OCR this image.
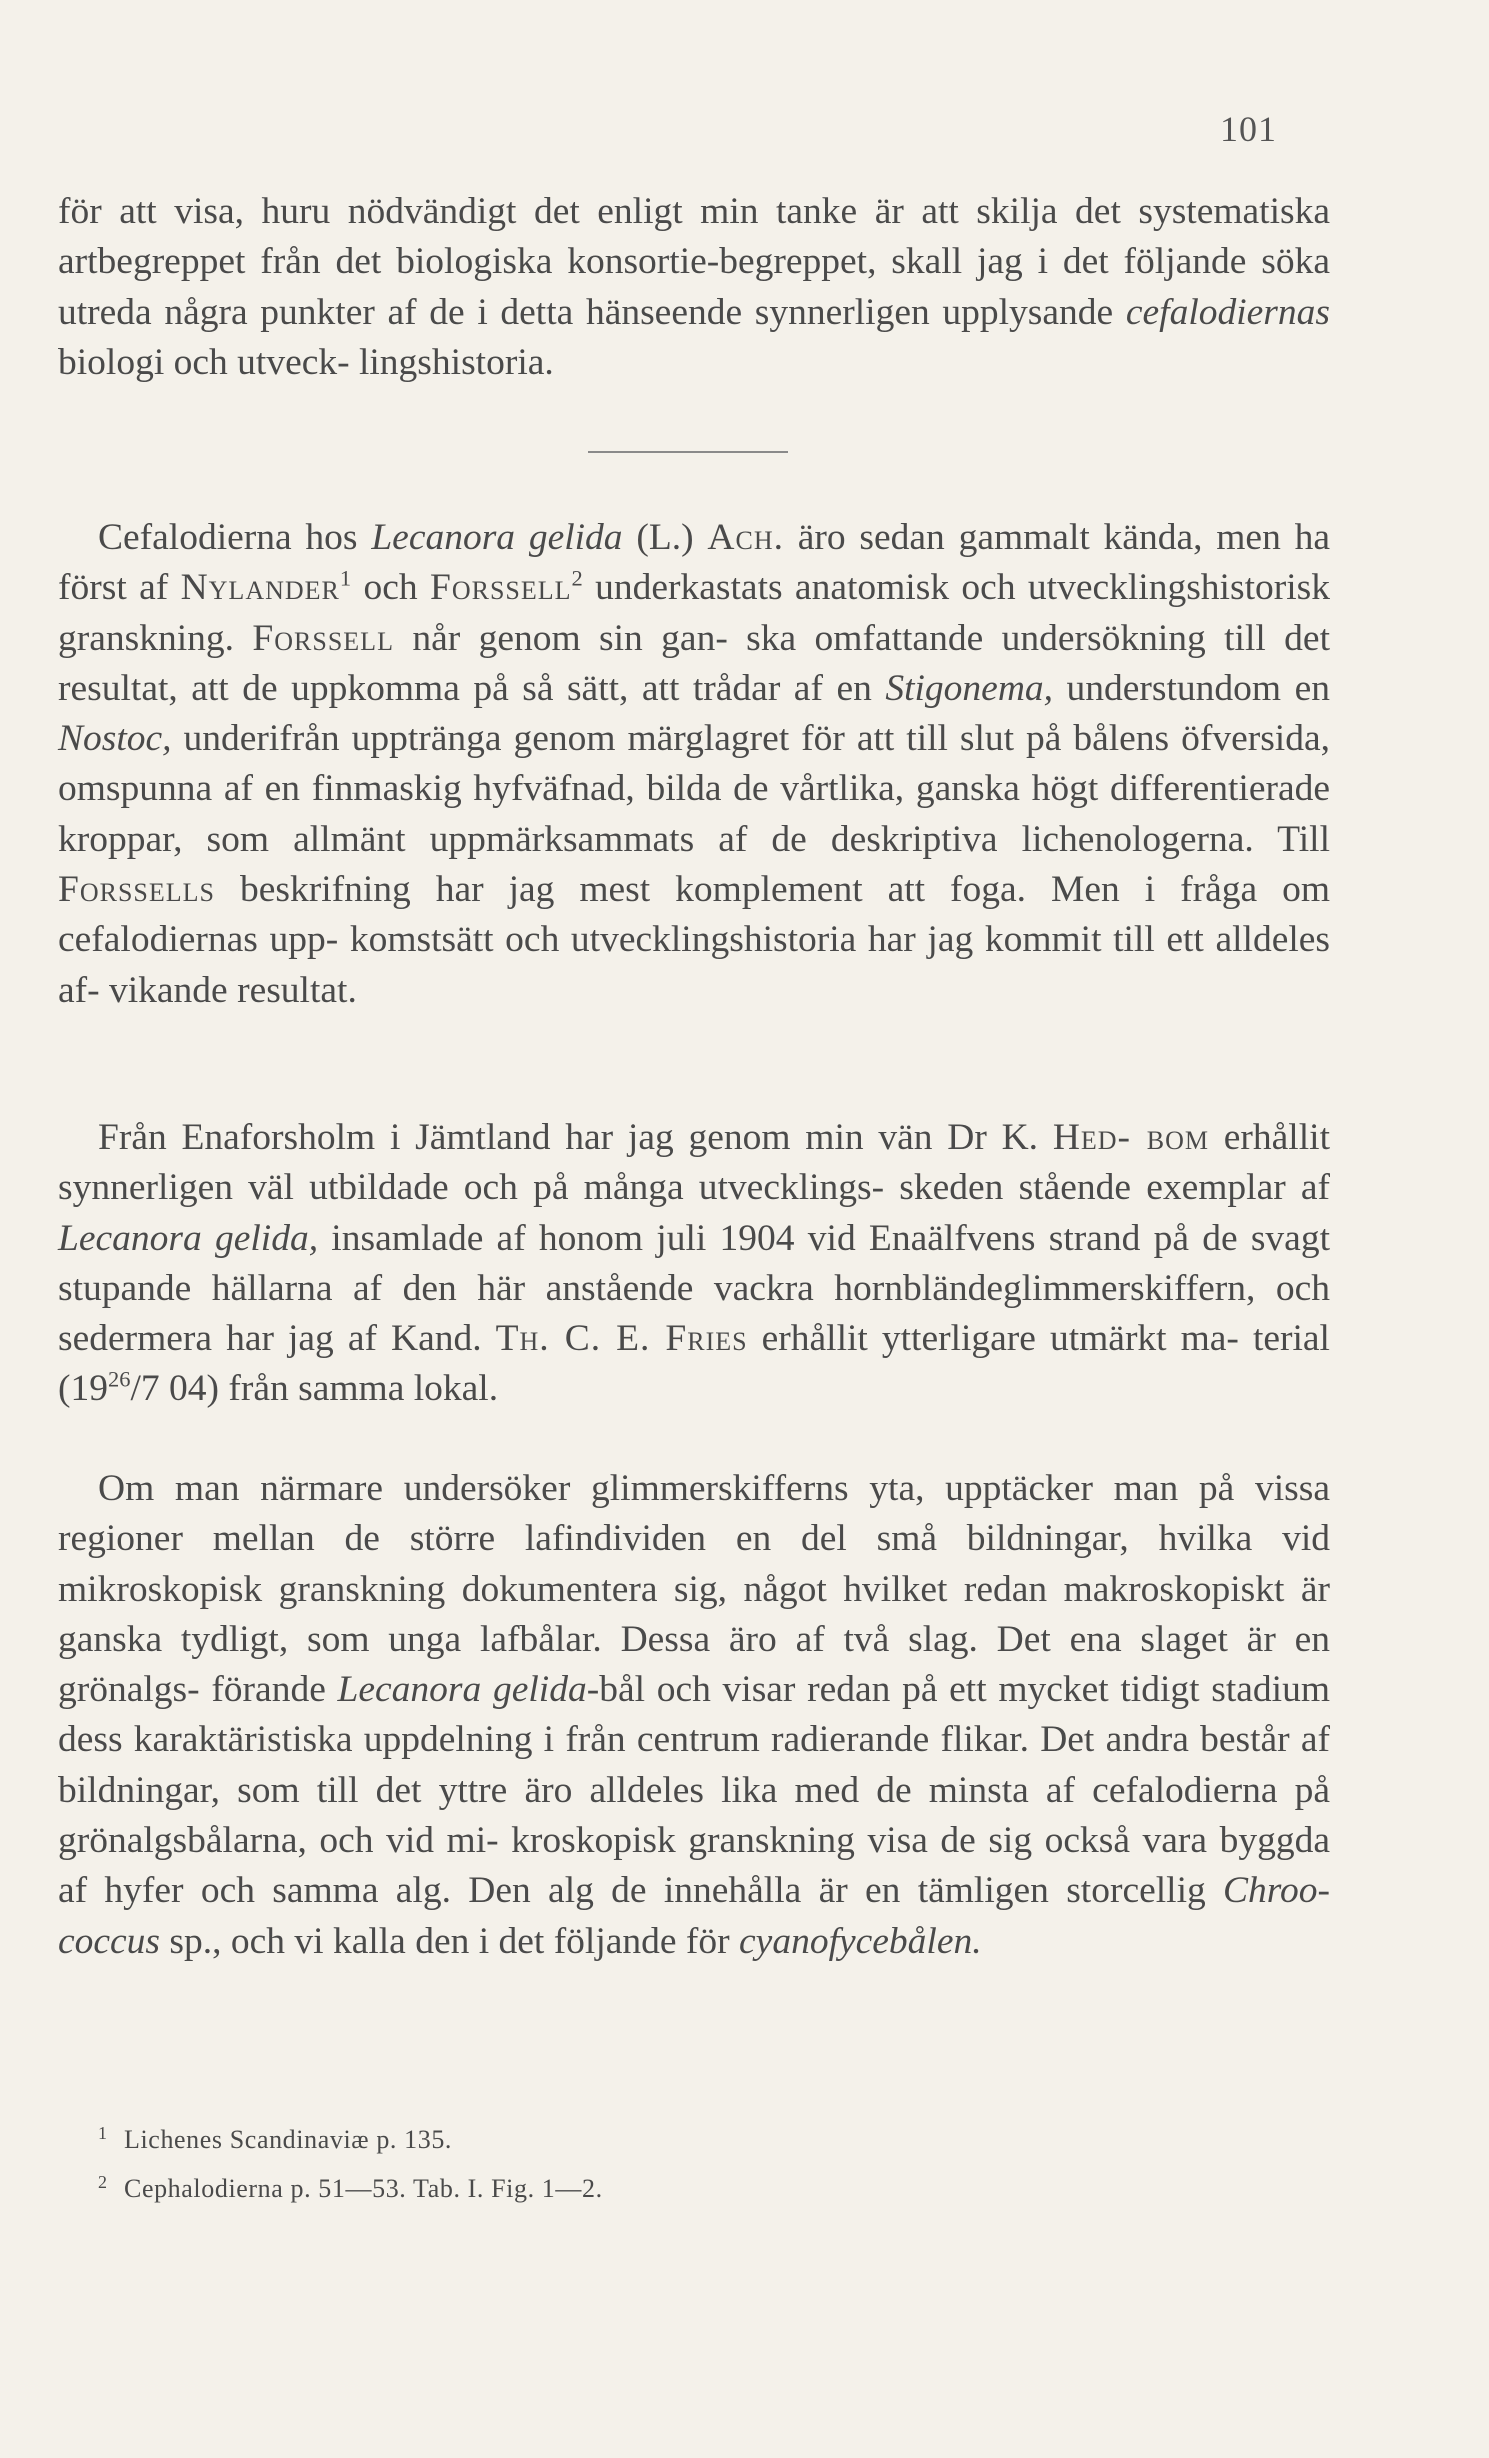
101
för att visa, huru nödvändigt det enligt min tanke är att skilja det systematiska artbegreppet från det biologiska konsortie-begreppet, skall jag i det följande söka utreda några punkter af de i detta hänseende synnerligen upplysande cefalodiernas biologi och utveck- lingshistoria.
Cefalodierna hos Lecanora gelida (L.) Ach. äro sedan gammalt kända, men ha först af Nylander$^1$ och Forssell$^2$ underkastats anatomisk och utvecklingshistorisk granskning. Forssell når genom sin gan- ska omfattande undersökning till det resultat, att de uppkomma på så sätt, att trådar af en Stigonema, understundom en Nostoc, underifrån upptränga genom märglagret för att till slut på bålens öfversida, omspunna af en finmaskig hyfväfnad, bilda de vårtlika, ganska högt differentierade kroppar, som allmänt uppmärksammats af de deskriptiva lichenologerna. Till Forssells beskrifning har jag mest komplement att foga. Men i fråga om cefalodiernas upp- komstsätt och utvecklingshistoria har jag kommit till ett alldeles af- vikande resultat.
Från Enaforsholm i Jämtland har jag genom min vän Dr K. Hed- bom erhållit synnerligen väl utbildade och på många utvecklings- skeden stående exemplar af Lecanora gelida, insamlade af honom juli 1904 vid Enaälfvens strand på de svagt stupande hällarna af den här anstående vackra hornbländeglimmerskiffern, och sedermera har jag af Kand. Th. C. E. Fries erhållit ytterligare utmärkt ma- terial ($19^{26}/7$ 04) från samma lokal.
Om man närmare undersöker glimmerskifferns yta, upptäcker man på vissa regioner mellan de större lafindividen en del små bildningar, hvilka vid mikroskopisk granskning dokumentera sig, något hvilket redan makroskopiskt är ganska tydligt, som unga lafbålar. Dessa äro af två slag. Det ena slaget är en grönalgs- förande Lecanora gelida-bål och visar redan på ett mycket tidigt stadium dess karaktäristiska uppdelning i från centrum radierande flikar. Det andra består af bildningar, som till det yttre äro alldeles lika med de minsta af cefalodierna på grönalgsbålarna, och vid mi- kroskopisk granskning visa de sig också vara byggda af hyfer och samma alg. Den alg de innehålla är en tämligen storcellig Chroo- coccus sp., och vi kalla den i det följande för cyanofycebålen.
1 Lichenes Scandinaviæ p. 135.
2 Cephalodierna p. 51—53. Tab. I. Fig. 1—2.
